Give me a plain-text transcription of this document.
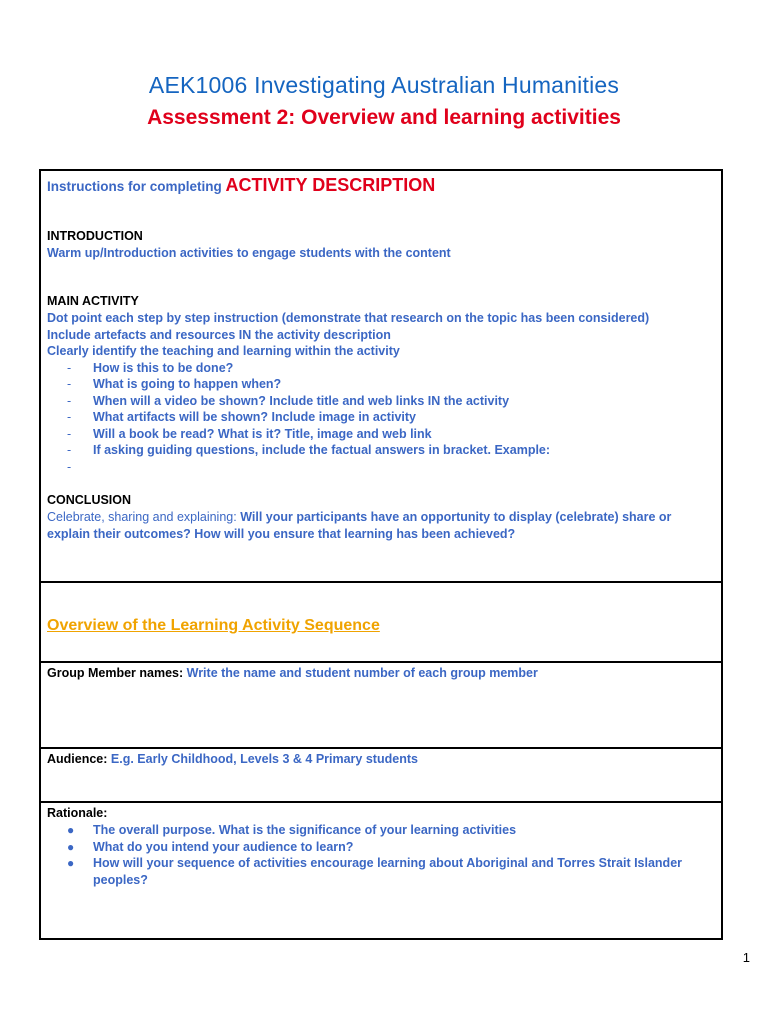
AEK1006 Investigating Australian Humanities
Assessment 2: Overview and learning activities
Instructions for completing ACTIVITY DESCRIPTION
INTRODUCTION
Warm up/Introduction activities to engage students with the content
MAIN ACTIVITY
Dot point each step by step instruction (demonstrate that research on the topic has been considered)
Include artefacts and resources IN the activity description
Clearly identify the teaching and learning within the activity
- How is this to be done?
- What is going to happen when?
- When will a video be shown? Include title and web links IN the activity
- What artifacts will be shown? Include image in activity
- Will a book be read? What is it? Title, image and web link
- If asking guiding questions, include the factual answers in bracket. Example:
-
CONCLUSION
Celebrate, sharing and explaining: Will your participants have an opportunity to display (celebrate) share or
explain their outcomes? How will you ensure that learning has been achieved?
Overview of the Learning Activity Sequence
Group Member names: Write the name and student number of each group member
Audience: E.g. Early Childhood, Levels 3 & 4 Primary students
Rationale:
● The overall purpose. What is the significance of your learning activities
● What do you intend your audience to learn?
● How will your sequence of activities encourage learning about Aboriginal and Torres Strait Islander peoples?
1
